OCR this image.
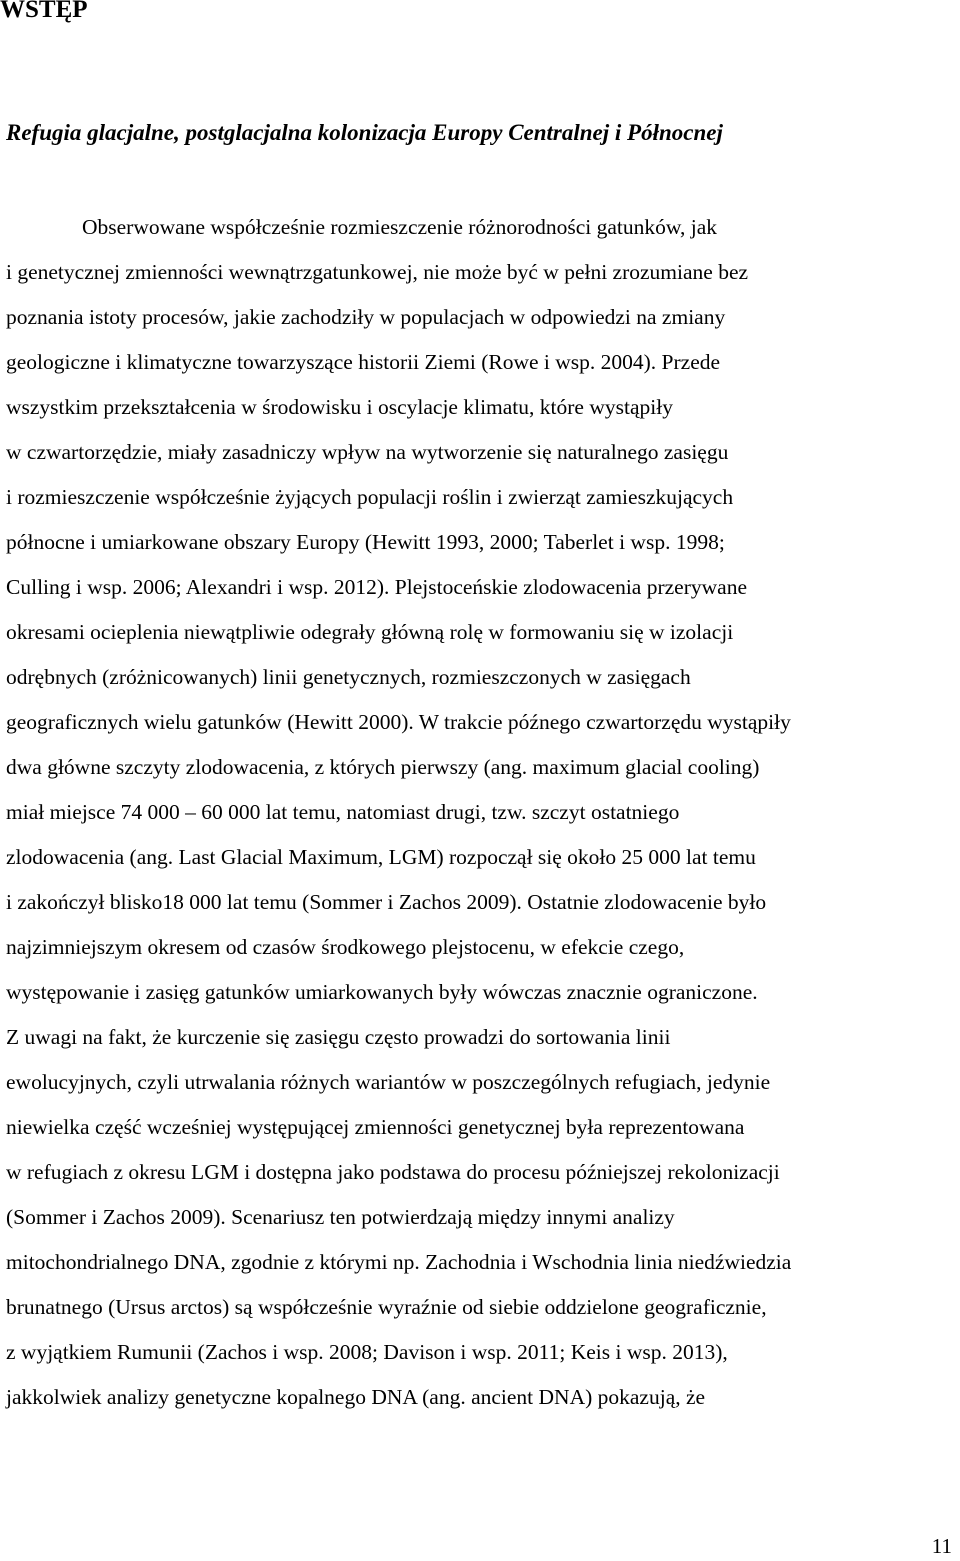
WSTĘP
Refugia glacjalne, postglacjalna kolonizacja Europy Centralnej i Północnej
Obserwowane współcześnie rozmieszczenie różnorodności gatunków, jak
i genetycznej zmienności wewnątrzgatunkowej, nie może być w pełni zrozumiane bez
poznania istoty procesów, jakie zachodziły w populacjach w odpowiedzi na zmiany
geologiczne i klimatyczne towarzyszące historii Ziemi (Rowe i wsp. 2004). Przede
wszystkim przekształcenia w środowisku i oscylacje klimatu, które wystąpiły
w czwartorzędzie, miały zasadniczy wpływ na wytworzenie się naturalnego zasięgu
i rozmieszczenie współcześnie żyjących populacji roślin i zwierząt zamieszkujących
północne i umiarkowane obszary Europy (Hewitt 1993, 2000; Taberlet i wsp. 1998;
Culling i wsp. 2006; Alexandri i wsp. 2012). Plejstoceńskie zlodowacenia przerywane
okresami ocieplenia niewątpliwie odegrały główną rolę w formowaniu się w izolacji
odrębnych (zróżnicowanych) linii genetycznych, rozmieszczonych w zasięgach
geograficznych wielu gatunków (Hewitt 2000). W trakcie późnego czwartorzędu wystąpiły
dwa główne szczyty zlodowacenia, z których pierwszy (ang. maximum glacial cooling)
miał miejsce 74 000 – 60 000 lat temu, natomiast drugi, tzw. szczyt ostatniego
zlodowacenia (ang. Last Glacial Maximum, LGM) rozpoczął się około 25 000 lat temu
i zakończył blisko18 000 lat temu (Sommer i Zachos 2009). Ostatnie zlodowacenie było
najzimniejszym okresem od czasów środkowego plejstocenu, w efekcie czego,
występowanie i zasięg gatunków umiarkowanych były wówczas znacznie ograniczone.
Z uwagi na fakt, że kurczenie się zasięgu często prowadzi do sortowania linii
ewolucyjnych, czyli utrwalania różnych wariantów w poszczególnych refugiach, jedynie
niewielka część wcześniej występującej zmienności genetycznej była reprezentowana
w refugiach z okresu LGM i dostępna jako podstawa do procesu późniejszej rekolonizacji
(Sommer i Zachos 2009). Scenariusz ten potwierdzają między innymi analizy
mitochondrialnego DNA, zgodnie z którymi np. Zachodnia i Wschodnia linia niedźwiedzia
brunatnego (Ursus arctos) są współcześnie wyraźnie od siebie oddzielone geograficznie,
z wyjątkiem Rumunii (Zachos i wsp. 2008; Davison i wsp. 2011; Keis i wsp. 2013),
jakkolwiek analizy genetyczne kopalnego DNA (ang. ancient DNA) pokazują, że
11
